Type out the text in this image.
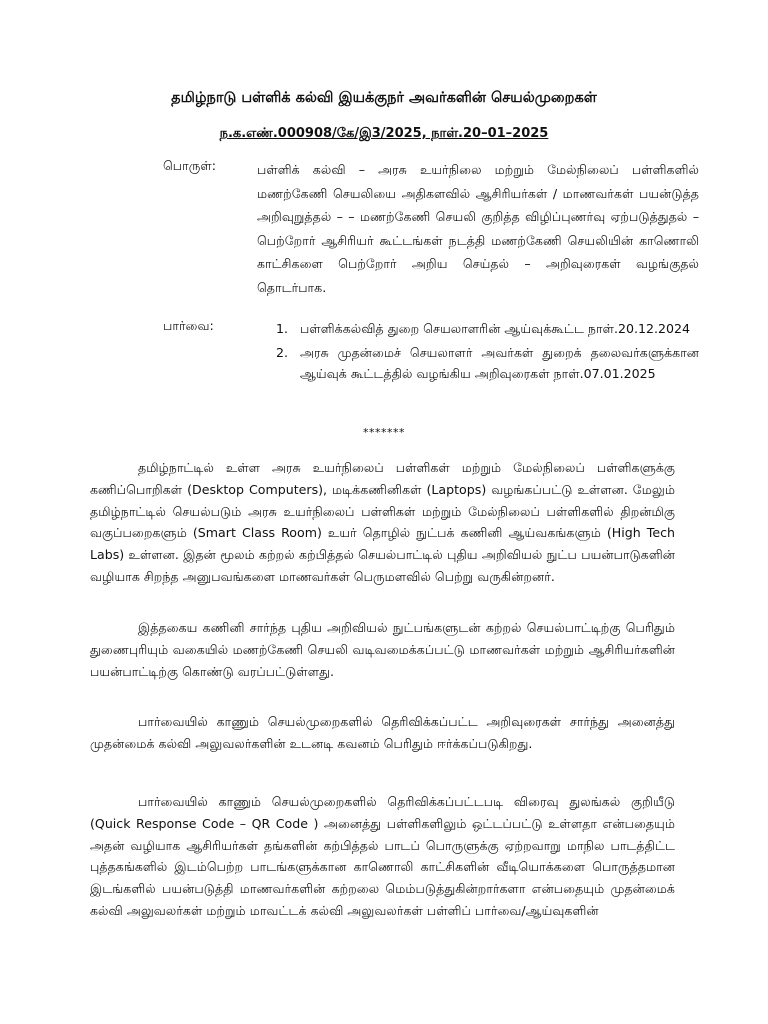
தமிழ்நாடு பள்ளிக் கல்வி இயக்குநர் அவர்களின் செயல்முறைகள்
ந.க.எண்.000908/கே/இ3/2025, நாள்.20–01–2025
பொருள்:	பள்ளிக் கல்வி – அரசு உயர்நிலை மற்றும் மேல்நிலைப் பள்ளிகளில் மணற்கேணி செயலியை அதிகளவில் ஆசிரியர்கள் / மாணவர்கள் பயன்டுத்த அறிவுறுத்தல் – – மணற்கேணி செயலி குறித்த விழிப்புணர்வு ஏற்படுத்துதல் – பெற்றோர் ஆசிரியர் கூட்டங்கள் நடத்தி மணற்கேணி செயலியின் காணொலி காட்சிகளை பெற்றோர் அறிய செய்தல் – அறிவுரைகள் வழங்குதல் தொடர்பாக.
பார்வை:	1. பள்ளிக்கல்வித் துறை செயலாளரின் ஆய்வுக்கூட்ட நாள்.20.12.2024
2. அரசு முதன்மைச் செயலாளர் அவர்கள் துறைக் தலைவர்களுக்கான ஆய்வுக் கூட்டத்தில் வழங்கிய அறிவுரைகள் நாள்.07.01.2025
*******

தமிழ்நாட்டில் உள்ள அரசு உயர்நிலைப் பள்ளிகள் மற்றும் மேல்நிலைப் பள்ளிகளுக்கு கணிப்பொறிகள் (Desktop Computers), மடிக்கணினிகள் (Laptops) வழங்கப்பட்டு உள்ளன. மேலும் தமிழ்நாட்டில் செயல்படும் அரசு உயர்நிலைப் பள்ளிகள் மற்றும் மேல்நிலைப் பள்ளிகளில் திறன்மிகு வகுப்பறைகளும் (Smart Class Room) உயர் தொழில் நுட்பக் கணினி ஆய்வகங்களும் (High Tech Labs) உள்ளன. இதன் மூலம் கற்றல் கற்பித்தல் செயல்பாட்டில் புதிய அறிவியல் நுட்ப பயன்பாடுகளின் வழியாக சிறந்த அனுபவங்களை மாணவர்கள் பெருமளவில் பெற்று வருகின்றனர்.

இத்தகைய கணினி சார்ந்த புதிய அறிவியல் நுட்பங்களுடன் கற்றல் செயல்பாட்டிற்கு பெரிதும் துணைபுரியும் வகையில் மணற்கேணி செயலி வடிவமைக்கப்பட்டு மாணவர்கள் மற்றும் ஆசிரியர்களின் பயன்பாட்டிற்கு கொண்டு வரப்பட்டுள்ளது.

பார்வையில் காணும் செயல்முறைகளில் தெரிவிக்கப்பட்ட அறிவுரைகள் சார்ந்து அனைத்து முதன்மைக் கல்வி அலுவலர்களின் உடனடி கவனம் பெரிதும் ஈர்க்கப்படுகிறது.

பார்வையில் காணும் செயல்முறைகளில் தெரிவிக்கப்பட்டபடி விரைவு துலங்கல் குறியீடு (Quick Response Code – QR Code ) அனைத்து பள்ளிகளிலும் ஒட்டப்பட்டு உள்ளதா என்பதையும் அதன் வழியாக ஆசிரியர்கள் தங்களின் கற்பித்தல் பாடப் பொருளுக்கு ஏற்றவாறு மாநில பாடத்திட்ட புத்தகங்களில் இடம்பெற்ற பாடங்களுக்கான காணொலி காட்சிகளின் வீடியொக்களை பொருத்தமான இடங்களில் பயன்படுத்தி மாணவர்களின் கற்றலை மெம்படுத்துகின்றார்களா என்பதையும் முதன்மைக் கல்வி அலுவலர்கள் மற்றும் மாவட்டக் கல்வி அலுவலர்கள் பள்ளிப் பார்வை/ஆய்வுகளின்
